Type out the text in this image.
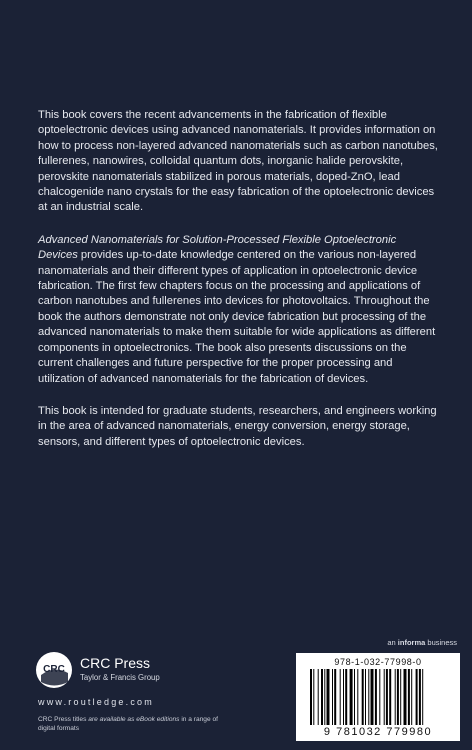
This book covers the recent advancements in the fabrication of flexible optoelectronic devices using advanced nanomaterials. It provides information on how to process non-layered advanced nanomaterials such as carbon nanotubes, fullerenes, nanowires, colloidal quantum dots, inorganic halide perovskite, perovskite nanomaterials stabilized in porous materials, doped-ZnO, lead chalcogenide nano crystals for the easy fabrication of the optoelectronic devices at an industrial scale.

Advanced Nanomaterials for Solution-Processed Flexible Optoelectronic Devices provides up-to-date knowledge centered on the various non-layered nanomaterials and their different types of application in optoelectronic device fabrication. The first few chapters focus on the processing and applications of carbon nanotubes and fullerenes into devices for photovoltaics. Throughout the book the authors demonstrate not only device fabrication but processing of the advanced nanomaterials to make them suitable for wide applications as different components in optoelectronics. The book also presents discussions on the current challenges and future perspective for the proper processing and utilization of advanced nanomaterials for the fabrication of devices.

This book is intended for graduate students, researchers, and engineers working in the area of advanced nanomaterials, energy conversion, energy storage, sensors, and different types of optoelectronic devices.

an informa business
CRC CRC Press
Taylor & Francis Group
www.routledge.com
CRC Press titles are available as eBook editions in a range of digital formats
978-1-032-77998-0
9 781032 779980
